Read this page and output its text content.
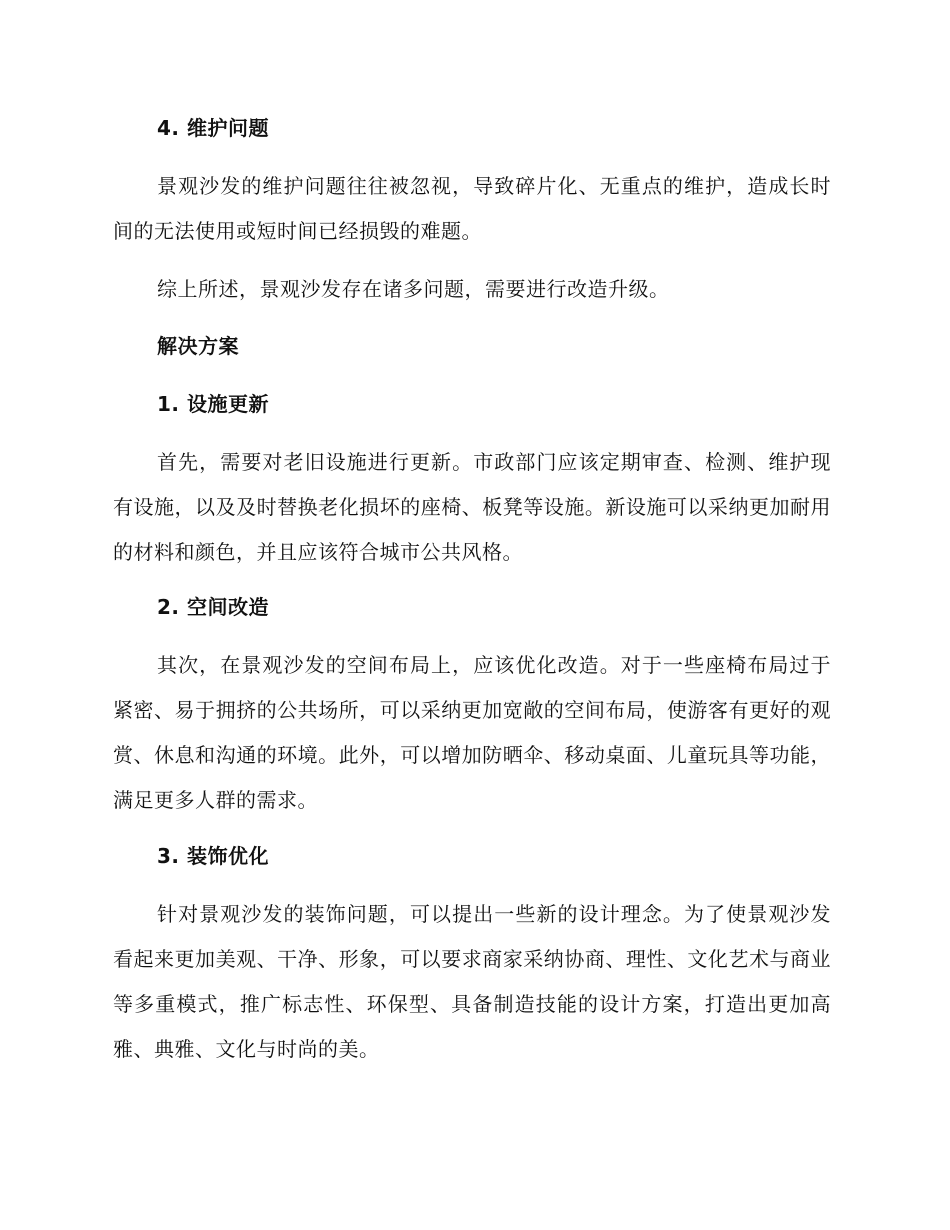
4. 维护问题

景观沙发的维护问题往往被忽视，导致碎片化、无重点的维护，造成长时间的无法使用或短时间已经损毁的难题。

综上所述，景观沙发存在诸多问题，需要进行改造升级。

解决方案

1. 设施更新

首先，需要对老旧设施进行更新。市政部门应该定期审查、检测、维护现有设施，以及及时替换老化损坏的座椅、板凳等设施。新设施可以采纳更加耐用的材料和颜色，并且应该符合城市公共风格。

2. 空间改造

其次，在景观沙发的空间布局上，应该优化改造。对于一些座椅布局过于紧密、易于拥挤的公共场所，可以采纳更加宽敞的空间布局，使游客有更好的观赏、休息和沟通的环境。此外，可以增加防晒伞、移动桌面、儿童玩具等功能，满足更多人群的需求。

3. 装饰优化

针对景观沙发的装饰问题，可以提出一些新的设计理念。为了使景观沙发看起来更加美观、干净、形象，可以要求商家采纳协商、理性、文化艺术与商业等多重模式，推广标志性、环保型、具备制造技能的设计方案，打造出更加高雅、典雅、文化与时尚的美。
